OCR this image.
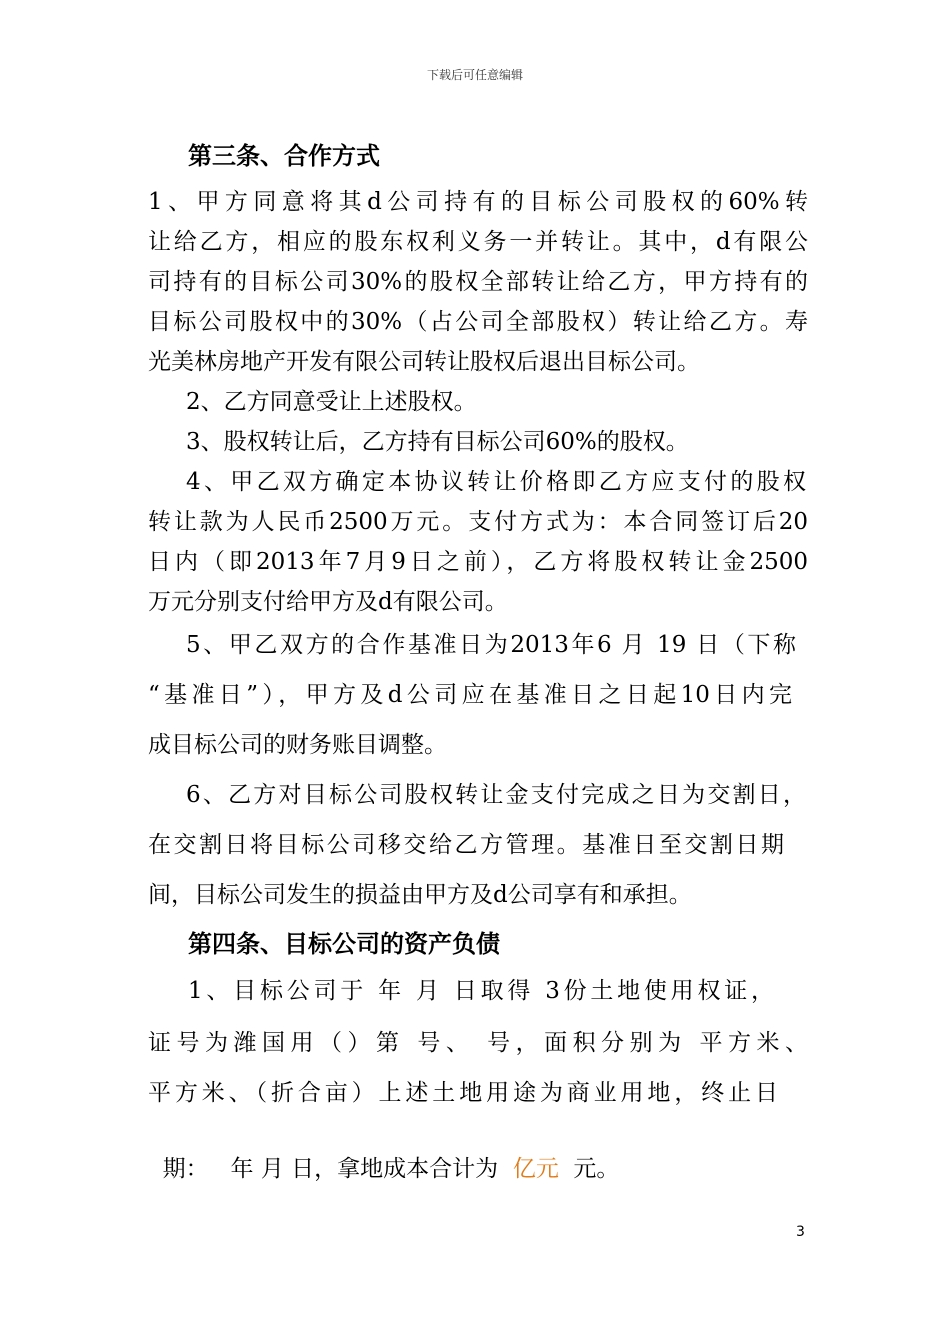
下载后可任意编辑
第三条、合作方式
1、甲方同意将其d公司持有的目标公司股权的60%转
让给乙方，相应的股东权利义务一并转让。其中，d有限公
司持有的目标公司30%的股权全部转让给乙方，甲方持有的
目标公司股权中的30%（占公司全部股权）转让给乙方。寿
光美林房地产开发有限公司转让股权后退出目标公司。
2、乙方同意受让上述股权。
3、股权转让后，乙方持有目标公司60%的股权。
4、甲乙双方确定本协议转让价格即乙方应支付的股权
转让款为人民币2500万元。支付方式为：本合同签订后20
日内（即2013年7月9日之前），乙方将股权转让金2500
万元分别支付给甲方及d有限公司。
5、甲乙双方的合作基准日为2013年6 月 19 日（下称
“基准日”），甲方及d公司应在基准日之日起10日内完
成目标公司的财务账目调整。
6、乙方对目标公司股权转让金支付完成之日为交割日，
在交割日将目标公司移交给乙方管理。基准日至交割日期
间，目标公司发生的损益由甲方及d公司享有和承担。
第四条、目标公司的资产负债
1、目标公司于 年 月 日取得 3份土地使用权证，
证号为潍国用（）第 号、 号，面积分别为 平方米、
平方米、（折合亩）上述土地用途为商业用地，终止日

期：   年 月 日，拿地成本合计为  亿元  元。

3
